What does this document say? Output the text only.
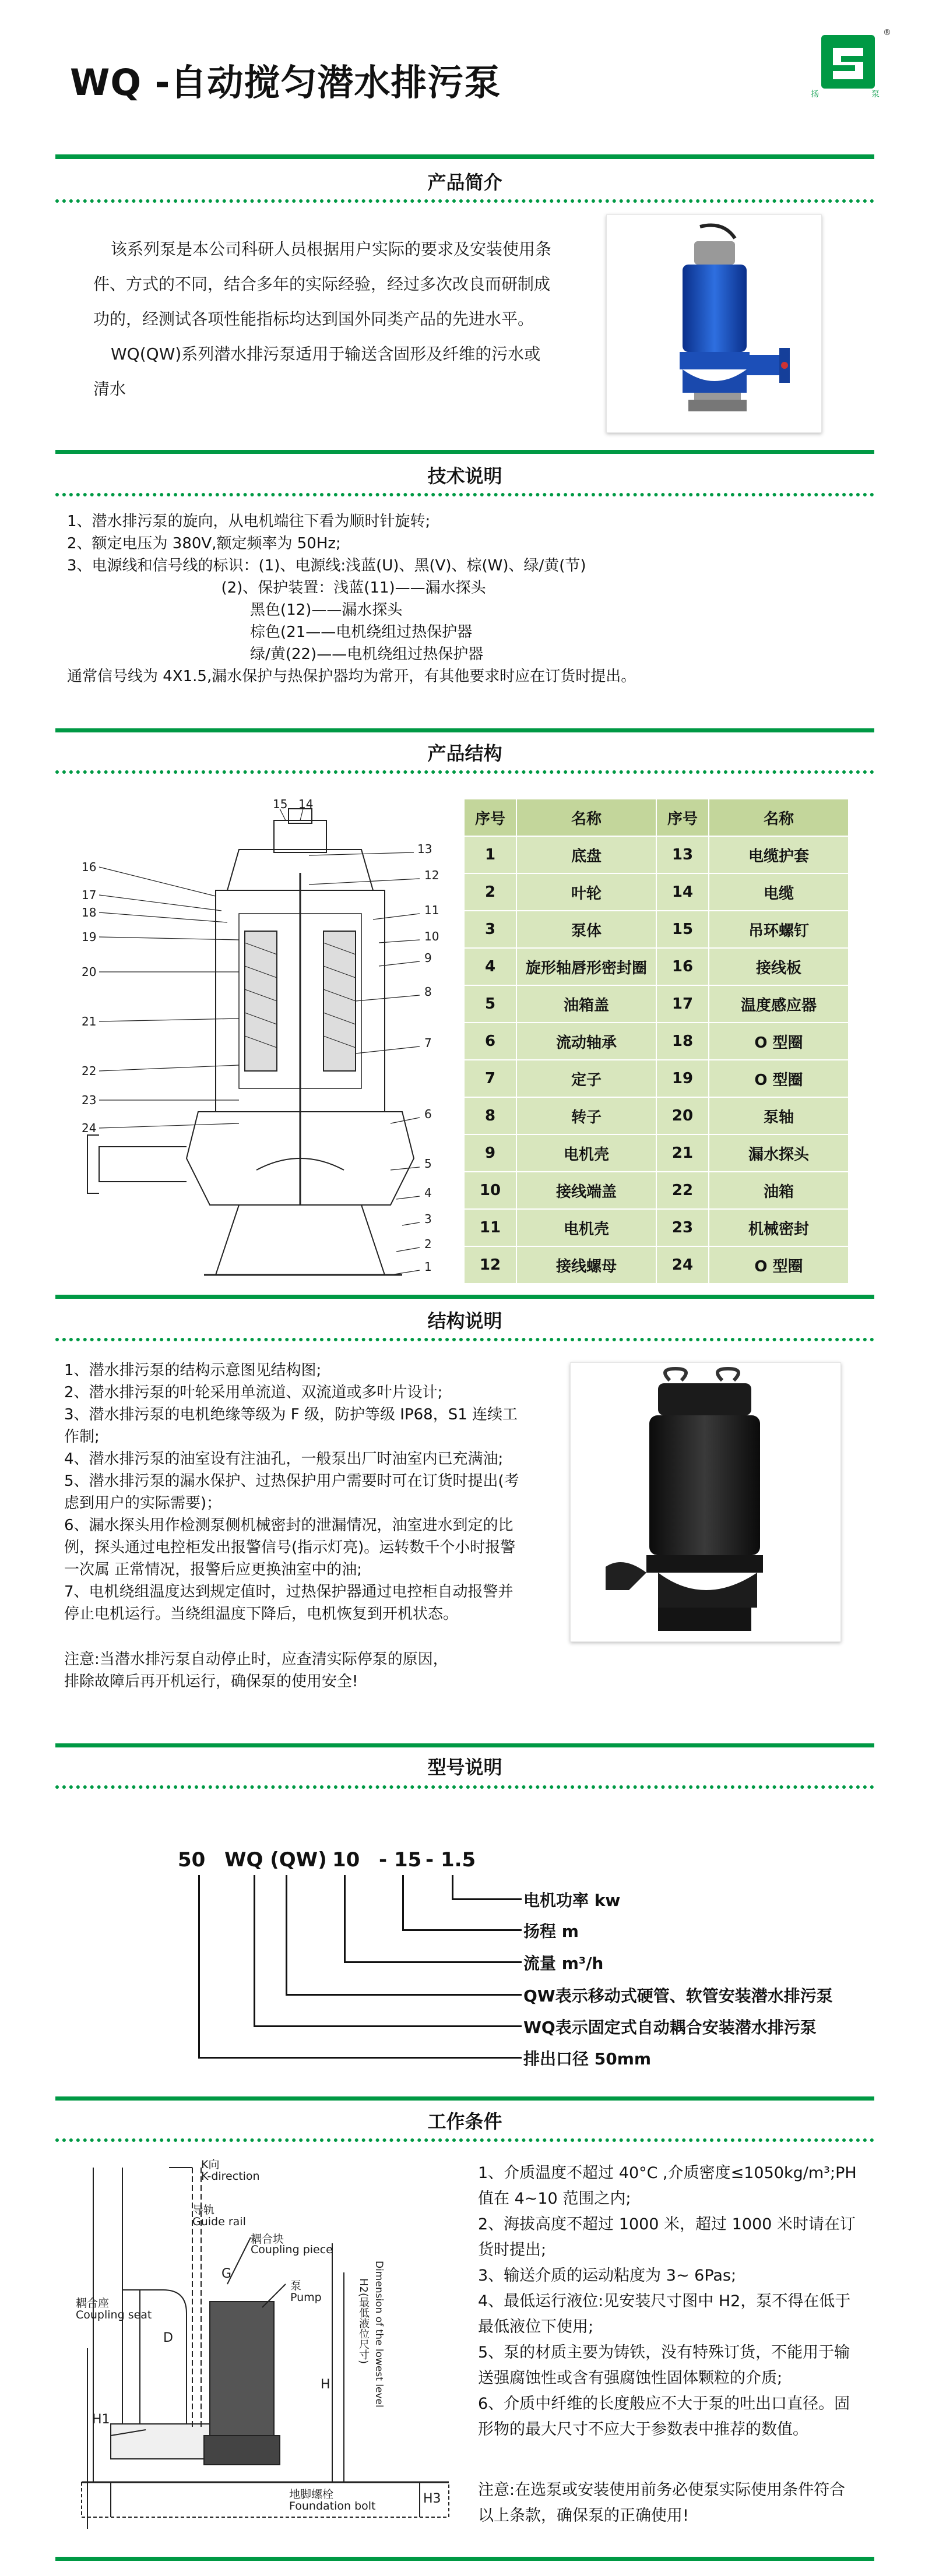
WQ -自动搅匀潜水排污泵	扬	泵
®
产品简介
该系列泵是本公司科研人员根据用户实际的要求及安装使用条
件、方式的不同，结合多年的实际经验，经过多次改良而研制成
功的，经测试各项性能指标均达到国外同类产品的先进水平。
WQ(QW)系列潜水排污泵适用于输送含固形及纤维的污水或
清水
技术说明
1、潜水排污泵的旋向，从电机端往下看为顺时针旋转;
2、额定电压为 380V,额定频率为 50Hz;
3、电源线和信号线的标识：(1)、电源线:浅蓝(U)、黑(V)、棕(W)、绿/黄(节)
(2)、保护装置：浅蓝(11)——漏水探头
黑色(12)——漏水探头
棕色(21——电机绕组过热保护器
绿/黄(22)——电机绕组过热保护器
通常信号线为 4X1.5,漏水保护与热保护器均为常开，有其他要求时应在订货时提出。
产品结构
1
2
3
4
5
6
7
8
9
10
11
12
13
14
15
16
17
18
19
20
21
22
23
24
序号	名称	序号	名称
1	底盘	13	电缆护套
2	叶轮	14	电缆
3	泵体	15	吊环螺钉
4	旋形轴唇形密封圈	16	接线板
5	油箱盖	17	温度感应器
6	流动轴承	18	O 型圈
7	定子	19	O 型圈
8	转子	20	泵轴
9	电机壳	21	漏水探头
10	接线端盖	22	油箱
11	电机壳	23	机械密封
12	接线螺母	24	O 型圈
结构说明
1、潜水排污泵的结构示意图见结构图;
2、潜水排污泵的叶轮采用单流道、双流道或多叶片设计;
3、潜水排污泵的电机绝缘等级为 F 级，防护等级 IP68，S1 连续工
作制;
4、潜水排污泵的油室设有注油孔，一般泵出厂时油室内已充满油;
5、潜水排污泵的漏水保护、过热保护用户需要时可在订货时提出(考
虑到用户的实际需要)；
6、漏水探头用作检测泵侧机械密封的泄漏情况，油室进水到定的比
例，探头通过电控柜发出报警信号(指示灯亮)。运转数千个小时报警
一次属 正常情况，报警后应更换油室中的油;
7、电机绕组温度达到规定值时，过热保护器通过电控柜自动报警并
停止电机运行。当绕组温度下降后，电机恢复到开机状态。
注意:当潜水排污泵自动停止时，应查清实际停泵的原因，
排除故障后再开机运行，确保泵的使用安全!
型号说明
50 WQ (QW) 10 - 15 - 1.5
电机功率 kw
扬程 m
流量 m³/h
QW表示移动式硬管、软管安装潜水排污泵
WQ表示固定式自动耦合安装潜水排污泵
排出口径 50mm
工作条件
K向
K-direction
导轨
Guide rail
耦合块
Coupling piece
耦合座
Coupling seat
泵
Pump
地脚螺栓
Foundation bolt
H2(最低液位尺寸) Dimension of the lowest level
G
D
H
H1
H3
1、介质温度不超过 40°C ,介质密度≤1050kg/m³;PH
值在 4~10 范围之内;
2、海拔高度不超过 1000 米，超过 1000 米时请在订
货时提出;
3、输送介质的运动粘度为 3~ 6Pas;
4、最低运行液位:见安装尺寸图中 H2，泵不得在低于
最低液位下使用;
5、泵的材质主要为铸铁，没有特殊订货，不能用于输
送强腐蚀性或含有强腐蚀性固体颗粒的介质;
6、介质中纤维的长度般应不大于泵的吐出口直径。固
形物的最大尺寸不应大于参数表中推荐的数值。
注意:在选泵或安装使用前务必使泵实际使用条件符合
以上条款，确保泵的正确使用!
